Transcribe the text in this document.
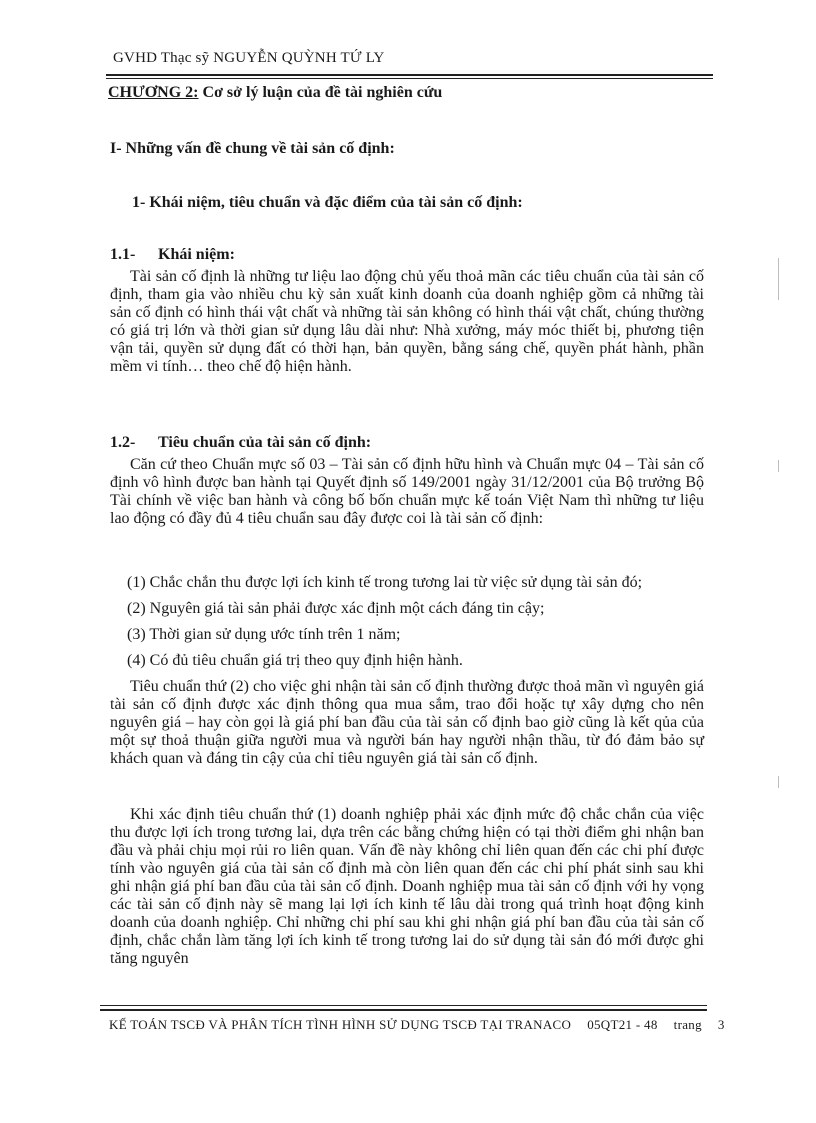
GVHD Thạc sỹ NGUYỄN QUỲNH TỨ LY
CHƯƠNG 2: Cơ sở lý luận của đề tài nghiên cứu
I- Những vấn đề chung về tài sản cố định:
1- Khái niệm, tiêu chuẩn và đặc điểm của tài sản cố định:
1.1- Khái niệm:
Tài sản cố định là những tư liệu lao động chủ yếu thoả mãn các tiêu chuẩn của tài sản cố định, tham gia vào nhiều chu kỳ sản xuất kinh doanh của doanh nghiệp gồm cả những tài sản cố định có hình thái vật chất và những tài sản không có hình thái vật chất, chúng thường có giá trị lớn và thời gian sử dụng lâu dài như: Nhà xưởng, máy móc thiết bị, phương tiện vận tải, quyền sử dụng đất có thời hạn, bản quyền, bằng sáng chế, quyền phát hành, phần mềm vi tính… theo chế độ hiện hành.
1.2- Tiêu chuẩn của tài sản cố định:
Căn cứ theo Chuẩn mực số 03 – Tài sản cố định hữu hình và Chuẩn mực 04 – Tài sản cố định vô hình được ban hành tại Quyết định số 149/2001 ngày 31/12/2001 của Bộ trưởng Bộ Tài chính về việc ban hành và công bố bốn chuẩn mực kế toán Việt Nam thì những tư liệu lao động có đầy đủ 4 tiêu chuẩn sau đây được coi là tài sản cố định:
(1) Chắc chắn thu được lợi ích kinh tế trong tương lai từ việc sử dụng tài sản đó;
(2) Nguyên giá tài sản phải được xác định một cách đáng tin cậy;
(3) Thời gian sử dụng ước tính trên 1 năm;
(4) Có đủ tiêu chuẩn giá trị theo quy định hiện hành.
Tiêu chuẩn thứ (2) cho việc ghi nhận tài sản cố định thường được thoả mãn vì nguyên giá tài sản cố định được xác định thông qua mua sắm, trao đổi hoặc tự xây dựng cho nên nguyên giá – hay còn gọi là giá phí ban đầu của tài sản cố định bao giờ cũng là kết qủa của một sự thoả thuận giữa người mua và người bán hay người nhận thầu, từ đó đảm bảo sự khách quan và đáng tin cậy của chỉ tiêu nguyên giá tài sản cố định.
Khi xác định tiêu chuẩn thứ (1) doanh nghiệp phải xác định mức độ chắc chắn của việc thu được lợi ích trong tương lai, dựa trên các bằng chứng hiện có tại thời điểm ghi nhận ban đầu và phải chịu mọi rủi ro liên quan. Vấn đề này không chỉ liên quan đến các chi phí được tính vào nguyên giá của tài sản cố định mà còn liên quan đến các chi phí phát sinh sau khi ghi nhận giá phí ban đầu của tài sản cố định. Doanh nghiệp mua tài sản cố định với hy vọng các tài sản cố định này sẽ mang lại lợi ích kinh tế lâu dài trong quá trình hoạt động kinh doanh của doanh nghiệp. Chỉ những chi phí sau khi ghi nhận giá phí ban đầu của tài sản cố định, chắc chắn làm tăng lợi ích kinh tế trong tương lai do sử dụng tài sản đó mới được ghi tăng nguyên
KẾ TOÁN TSCĐ VÀ PHÂN TÍCH TÌNH HÌNH SỬ DỤNG TSCĐ TẠI TRANACO 05QT21 - 48 trang 3
